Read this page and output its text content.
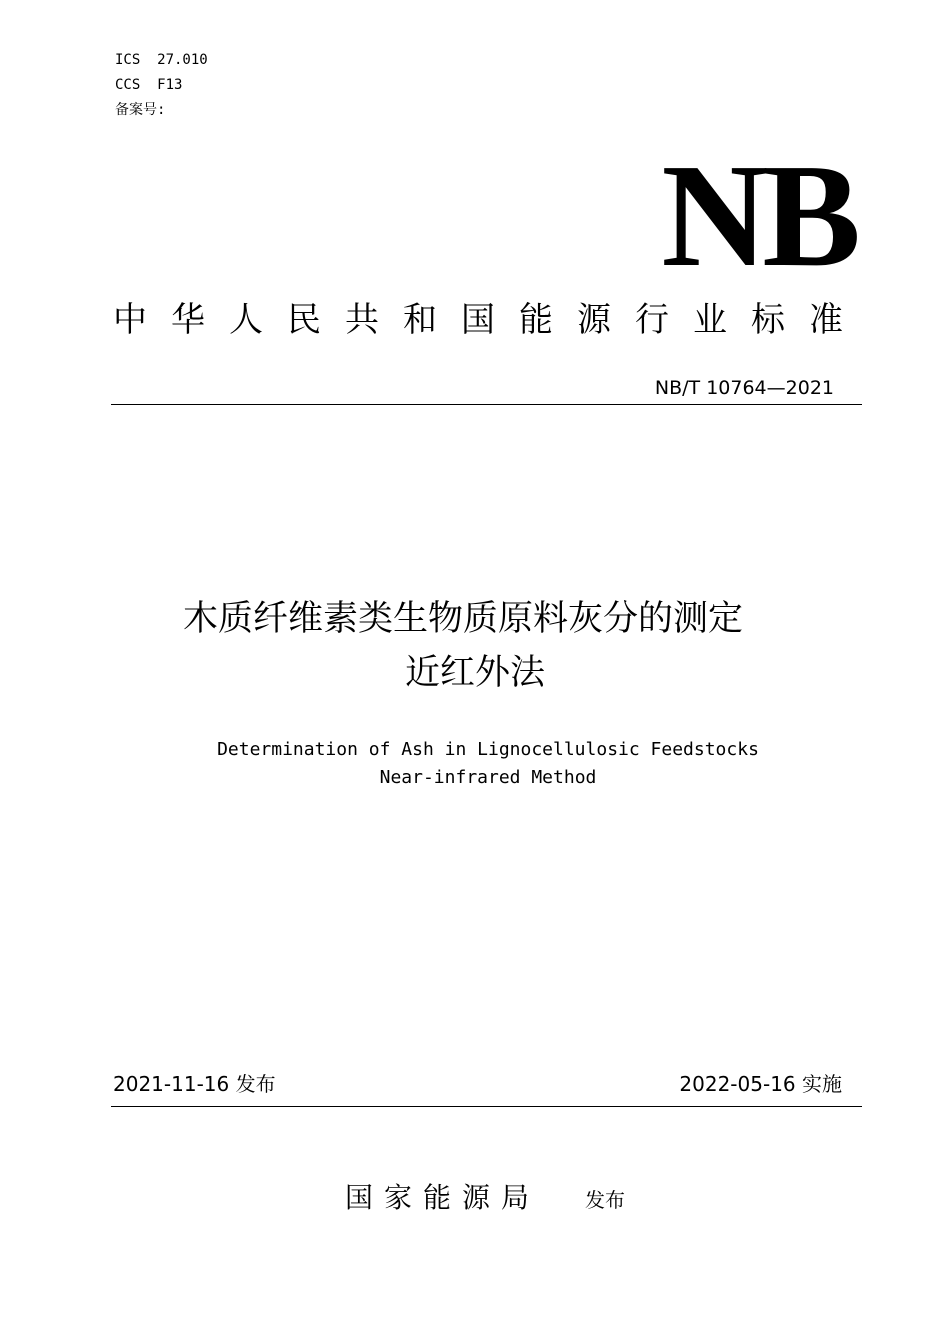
ICS  27.010
CCS  F13
备案号:
NB
中华人民共和国能源行业标准
NB/T 10764—2021
木质纤维素类生物质原料灰分的测定
近红外法
Determination of Ash in Lignocellulosic Feedstocks
Near-infrared Method
2021-11-16 发布	2022-05-16 实施
国家能源局 发布
